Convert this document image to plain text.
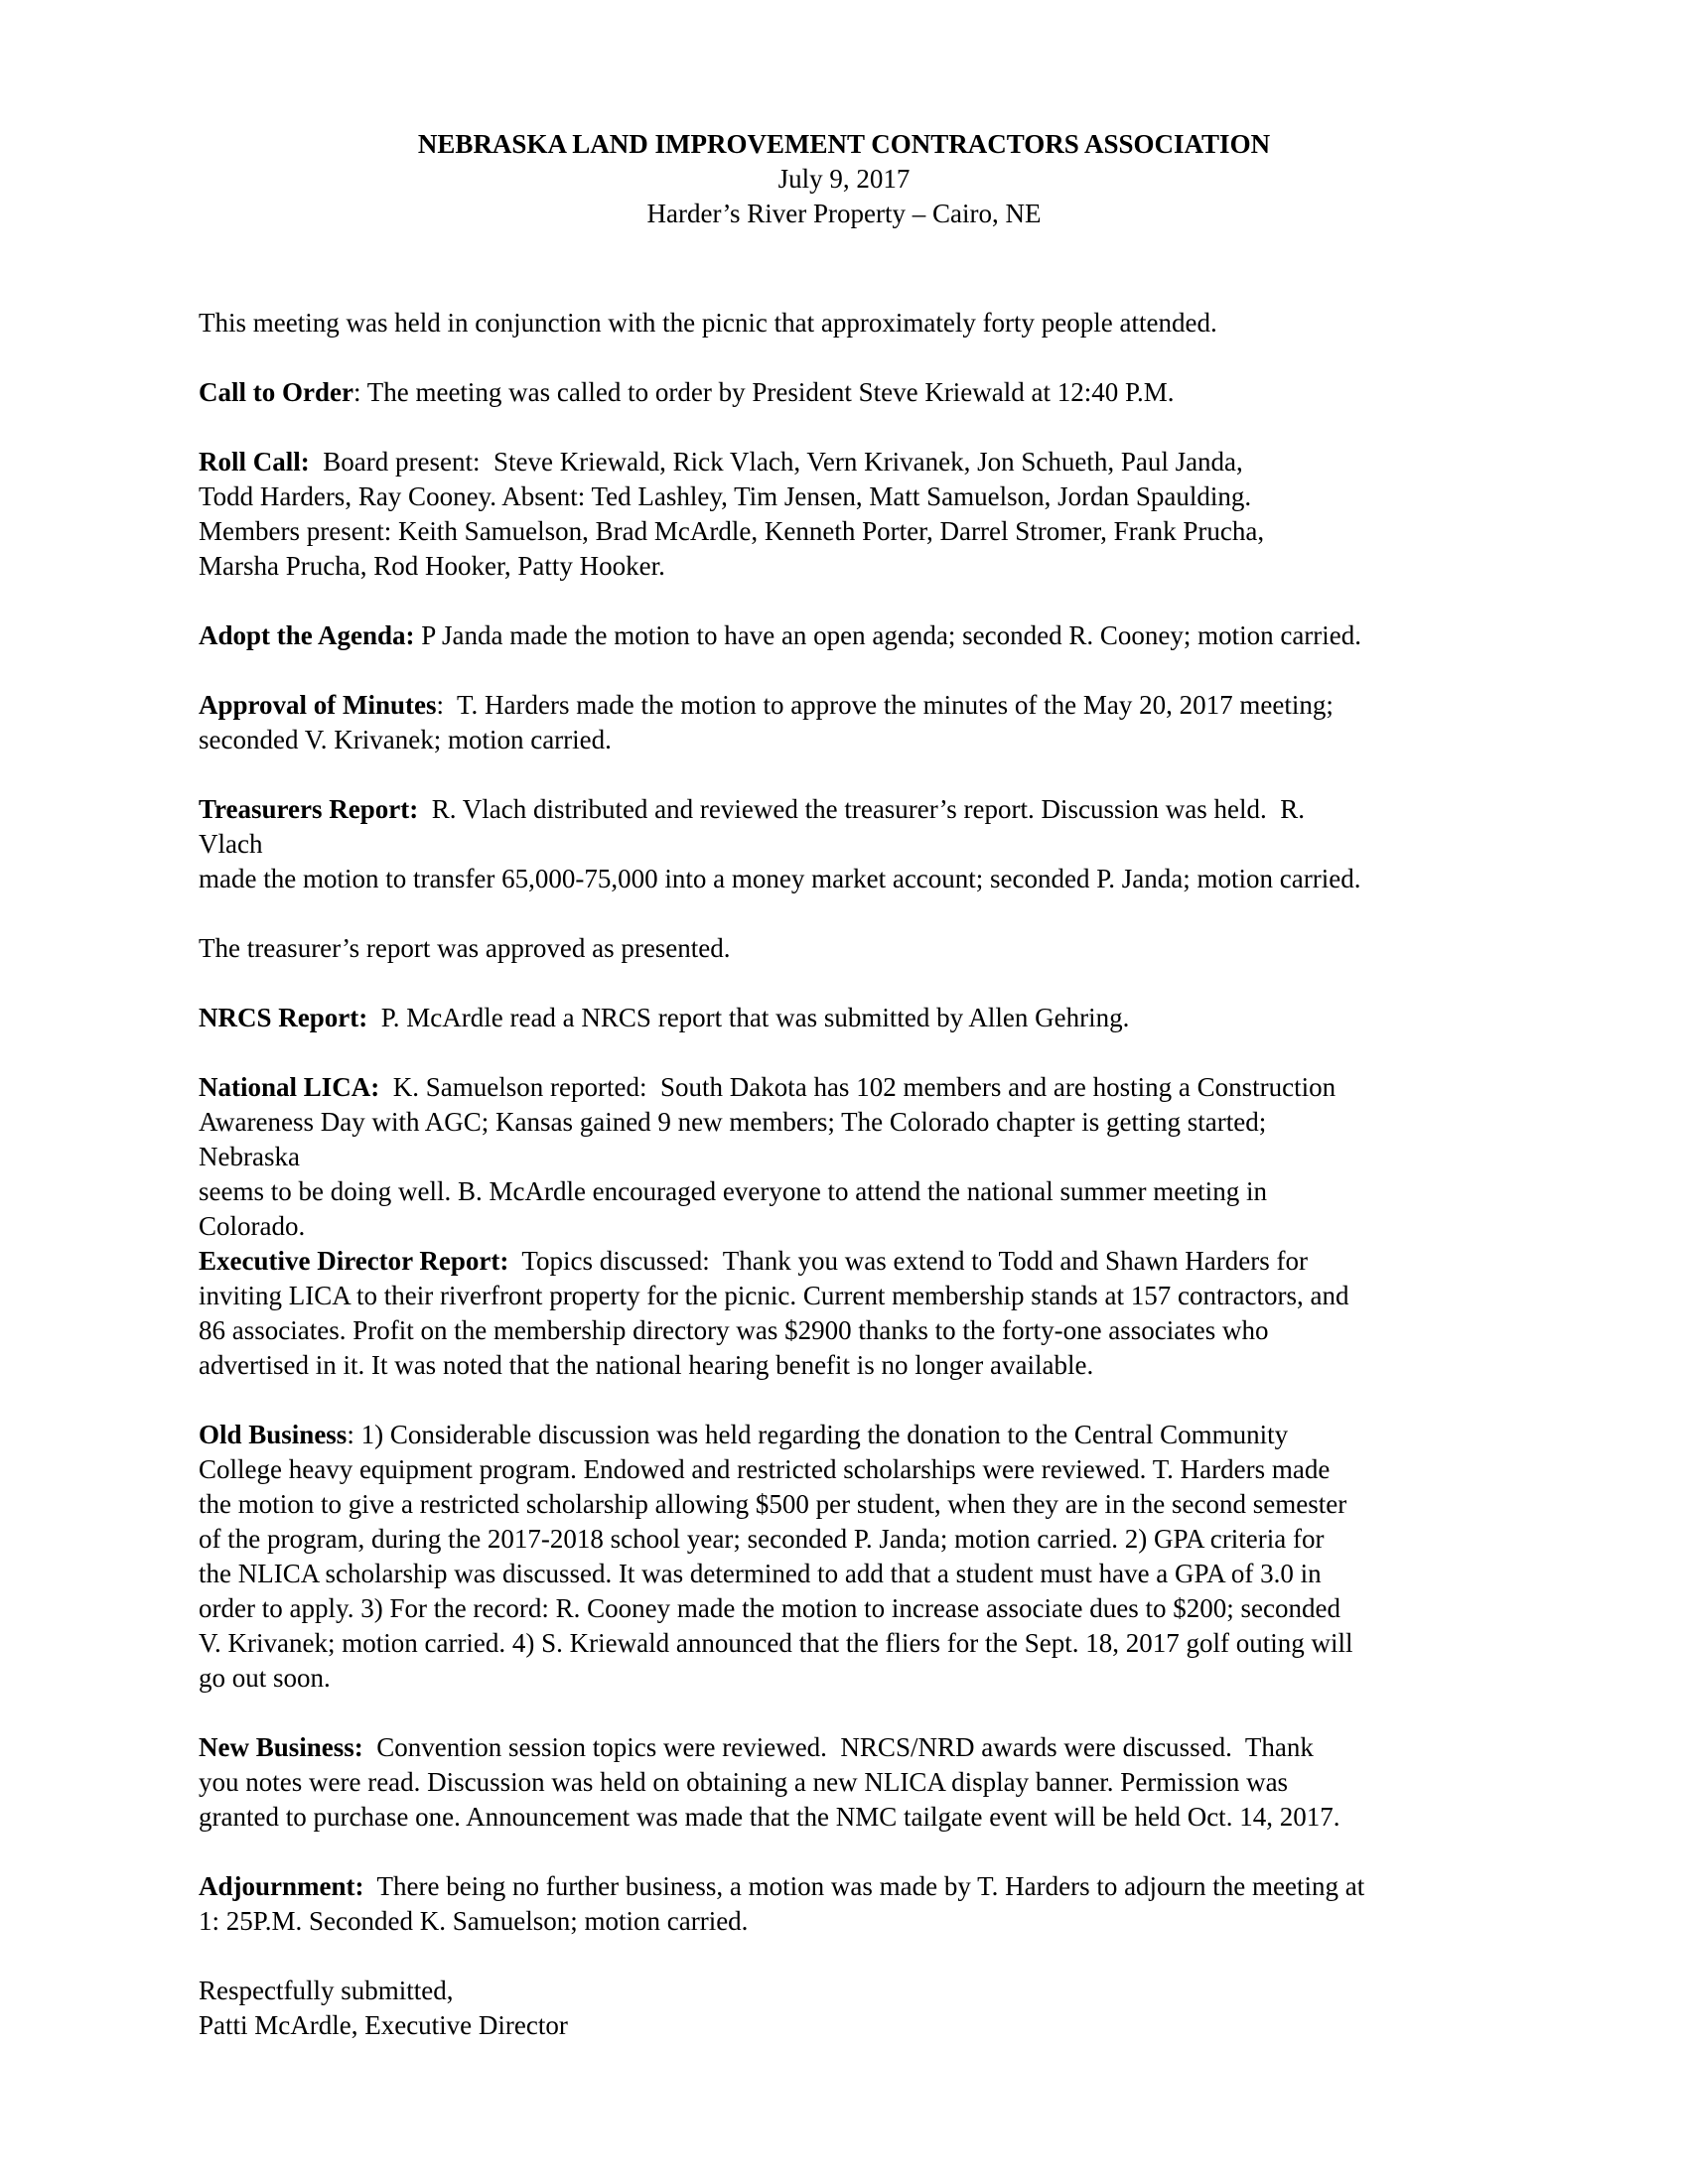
NEBRASKA LAND IMPROVEMENT CONTRACTORS ASSOCIATION
July 9, 2017
Harder’s River Property – Cairo, NE
This meeting was held in conjunction with the picnic that approximately forty people attended.
Call to Order: The meeting was called to order by President Steve Kriewald at 12:40 P.M.
Roll Call:  Board present:  Steve Kriewald, Rick Vlach, Vern Krivanek, Jon Schueth, Paul Janda,
Todd Harders, Ray Cooney. Absent: Ted Lashley, Tim Jensen, Matt Samuelson, Jordan Spaulding.
Members present: Keith Samuelson, Brad McArdle, Kenneth Porter, Darrel Stromer, Frank Prucha,
Marsha Prucha, Rod Hooker, Patty Hooker.
Adopt the Agenda: P Janda made the motion to have an open agenda; seconded R. Cooney; motion carried.
Approval of Minutes:  T. Harders made the motion to approve the minutes of the May 20, 2017 meeting;
seconded V. Krivanek; motion carried.
Treasurers Report:  R. Vlach distributed and reviewed the treasurer’s report. Discussion was held.  R.
Vlach
made the motion to transfer 65,000-75,000 into a money market account; seconded P. Janda; motion carried.
The treasurer’s report was approved as presented.
NRCS Report:  P. McArdle read a NRCS report that was submitted by Allen Gehring.
National LICA:  K. Samuelson reported:  South Dakota has 102 members and are hosting a Construction
Awareness Day with AGC; Kansas gained 9 new members; The Colorado chapter is getting started;
Nebraska
seems to be doing well. B. McArdle encouraged everyone to attend the national summer meeting in
Colorado.
Executive Director Report:  Topics discussed:  Thank you was extend to Todd and Shawn Harders for
inviting LICA to their riverfront property for the picnic. Current membership stands at 157 contractors, and
86 associates. Profit on the membership directory was $2900 thanks to the forty-one associates who
advertised in it. It was noted that the national hearing benefit is no longer available.
Old Business: 1) Considerable discussion was held regarding the donation to the Central Community
College heavy equipment program. Endowed and restricted scholarships were reviewed. T. Harders made
the motion to give a restricted scholarship allowing $500 per student, when they are in the second semester
of the program, during the 2017-2018 school year; seconded P. Janda; motion carried. 2) GPA criteria for
the NLICA scholarship was discussed. It was determined to add that a student must have a GPA of 3.0 in
order to apply. 3) For the record: R. Cooney made the motion to increase associate dues to $200; seconded
V. Krivanek; motion carried. 4) S. Kriewald announced that the fliers for the Sept. 18, 2017 golf outing will
go out soon.
New Business:  Convention session topics were reviewed.  NRCS/NRD awards were discussed.  Thank
you notes were read. Discussion was held on obtaining a new NLICA display banner. Permission was
granted to purchase one. Announcement was made that the NMC tailgate event will be held Oct. 14, 2017.
Adjournment:  There being no further business, a motion was made by T. Harders to adjourn the meeting at
1: 25P.M. Seconded K. Samuelson; motion carried.
Respectfully submitted,
Patti McArdle, Executive Director
